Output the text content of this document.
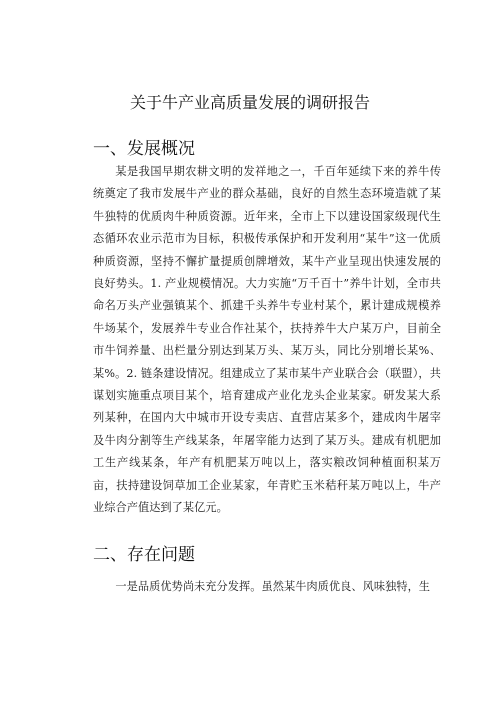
关于牛产业高质量发展的调研报告
一、发展概况
某是我国早期农耕文明的发祥地之一，千百年延续下来的养牛传统奠定了我市发展牛产业的群众基础，良好的自然生态环境造就了某牛独特的优质肉牛种质资源。近年来，全市上下以建设国家级现代生态循环农业示范市为目标，积极传承保护和开发利用“某牛”这一优质种质资源，坚持不懈扩量提质创牌增效，某牛产业呈现出快速发展的良好势头。1. 产业规模情况。大力实施“万千百十”养牛计划，全市共命名万头产业强镇某个、抓建千头养牛专业村某个，累计建成规模养牛场某个，发展养牛专业合作社某个，扶持养牛大户某万户，目前全市牛饲养量、出栏量分别达到某万头、某万头，同比分别增长某%、某%。2. 链条建设情况。组建成立了某市某牛产业联合会（联盟），共谋划实施重点项目某个，培育建成产业化龙头企业某家。研发某大系列某种，在国内大中城市开设专卖店、直营店某多个，建成肉牛屠宰及牛肉分割等生产线某条，年屠宰能力达到了某万头。建成有机肥加工生产线某条，年产有机肥某万吨以上，落实粮改饲种植面积某万亩，扶持建设饲草加工企业某家，年青贮玉米秸秆某万吨以上，牛产业综合产值达到了某亿元。
二、存在问题
一是品质优势尚未充分发挥。虽然某牛肉质优良、风味独特，生
